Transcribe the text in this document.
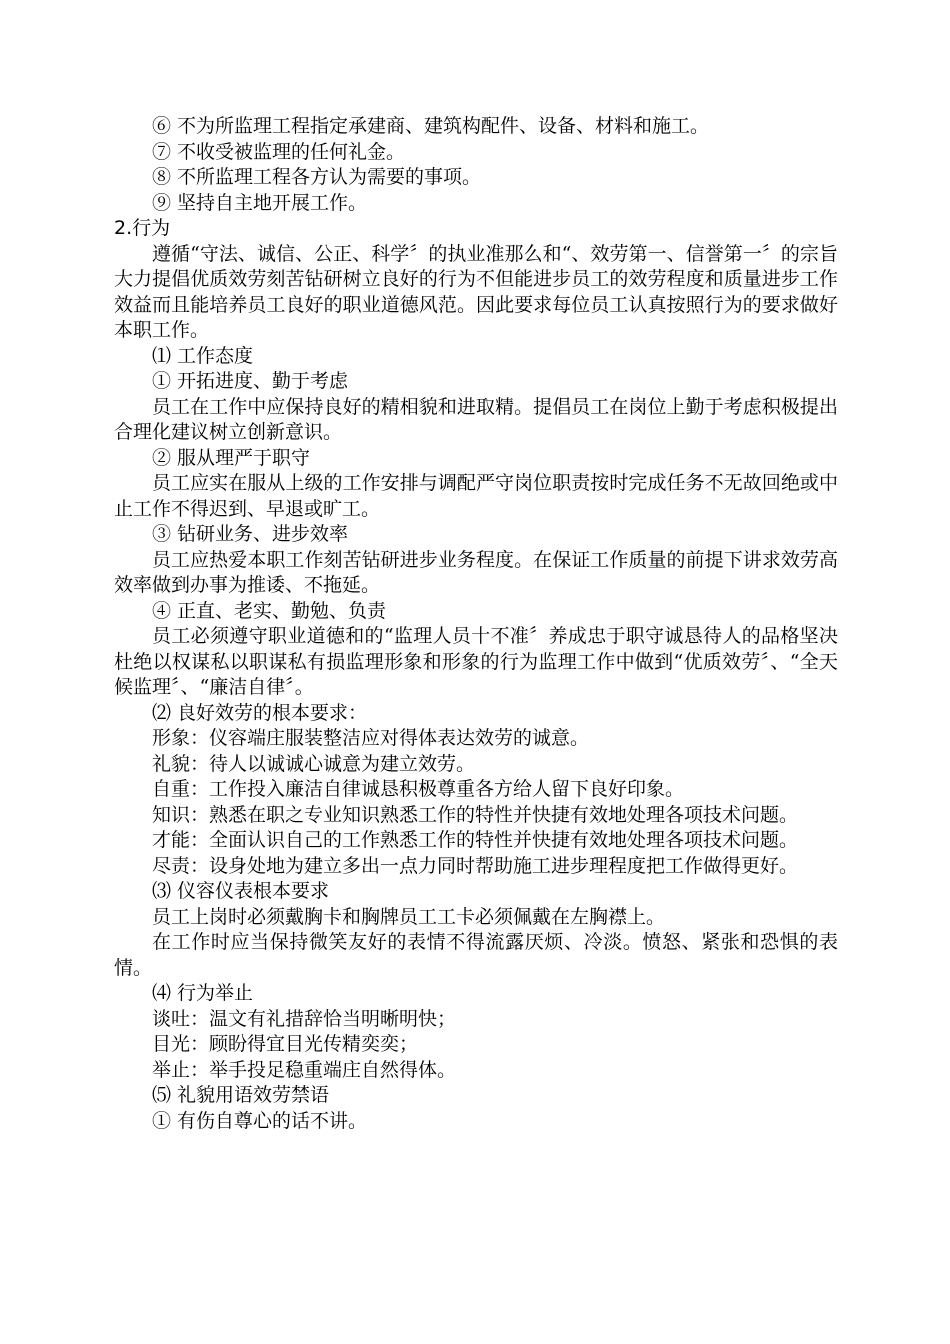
⑥ 不为所监理工程指定承建商、建筑构配件、设备、材料和施工。

⑦ 不收受被监理的任何礼金。

⑧ 不所监理工程各方认为需要的事项。

⑨ 坚持自主地开展工作。

2.行为

遵循“守法、诚信、公正、科学〞的执业准那么和“、效劳第一、信誉第一〞的宗旨大力提倡优质效劳刻苦钻研树立良好的行为不但能进步员工的效劳程度和质量进步工作效益而且能培养员工良好的职业道德风范。因此要求每位员工认真按照行为的要求做好本职工作。

⑴ 工作态度

① 开拓进度、勤于考虑

员工在工作中应保持良好的精相貌和进取精。提倡员工在岗位上勤于考虑积极提出合理化建议树立创新意识。

② 服从理严于职守

员工应实在服从上级的工作安排与调配严守岗位职责按时完成任务不无故回绝或中止工作不得迟到、早退或旷工。

③ 钻研业务、进步效率

员工应热爱本职工作刻苦钻研进步业务程度。在保证工作质量的前提下讲求效劳高效率做到办事为推诿、不拖延。

④ 正直、老实、勤勉、负责

员工必须遵守职业道德和的“监理人员十不准〞养成忠于职守诚恳待人的品格坚决杜绝以权谋私以职谋私有损监理形象和形象的行为监理工作中做到“优质效劳〞、“全天候监理〞、“廉洁自律〞。

⑵ 良好效劳的根本要求：

形象：仪容端庄服装整洁应对得体表达效劳的诚意。

礼貌：待人以诚诚心诚意为建立效劳。

自重：工作投入廉洁自律诚恳积极尊重各方给人留下良好印象。

知识：熟悉在职之专业知识熟悉工作的特性并快捷有效地处理各项技术问题。

才能：全面认识自己的工作熟悉工作的特性并快捷有效地处理各项技术问题。

尽责：设身处地为建立多出一点力同时帮助施工进步理程度把工作做得更好。

⑶ 仪容仪表根本要求

员工上岗时必须戴胸卡和胸牌员工工卡必须佩戴在左胸襟上。

在工作时应当保持微笑友好的表情不得流露厌烦、冷淡。愤怒、紧张和恐惧的表情。

⑷ 行为举止

谈吐：温文有礼措辞恰当明晰明快；

目光：顾盼得宜目光传精奕奕；

举止：举手投足稳重端庄自然得体。

⑸ 礼貌用语效劳禁语

① 有伤自尊心的话不讲。
